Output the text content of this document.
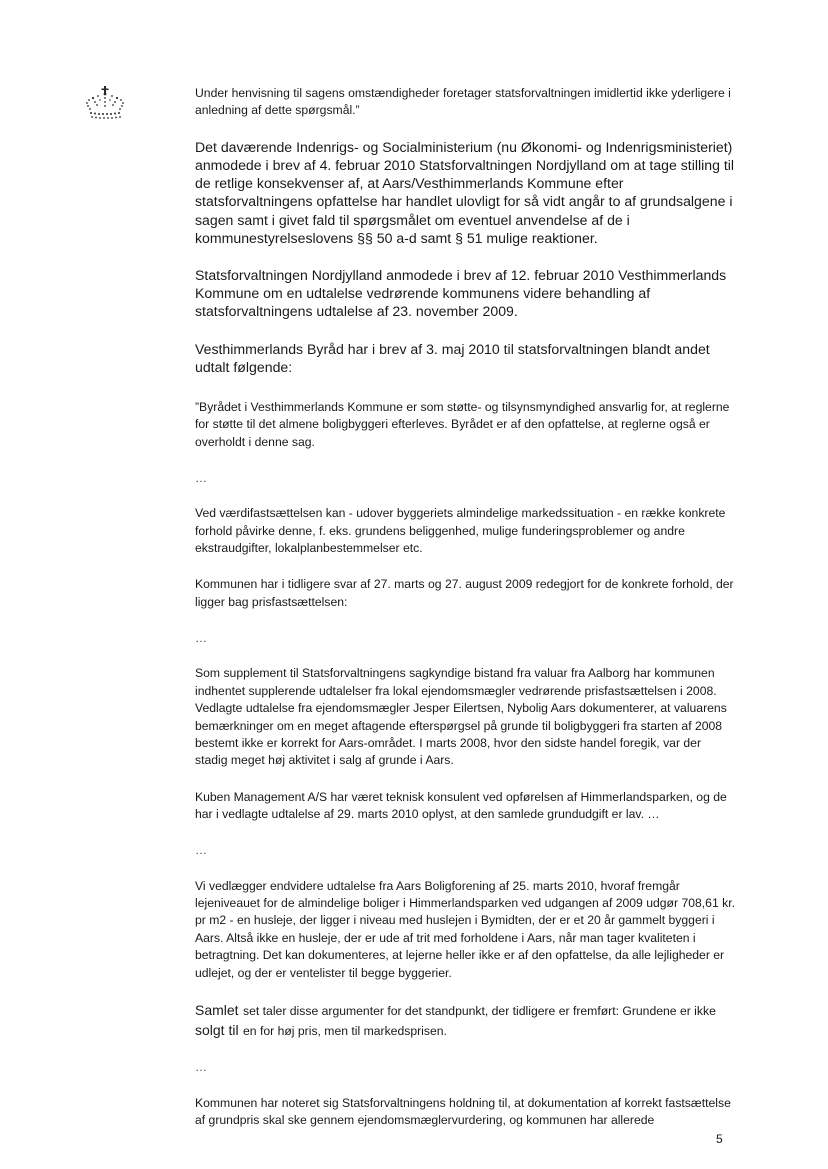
Under henvisning til sagens omstændigheder foretager statsforvaltningen imidlertid ikke yderligere i anledning af dette spørgsmål.”

Det daværende Indenrigs- og Socialministerium (nu Økonomi- og Indenrigsministeriet) anmodede i brev af 4. februar 2010 Statsforvaltningen Nordjylland om at tage stilling til de retlige konsekvenser af, at Aars/Vesthimmerlands Kommune efter statsforvaltningens opfattelse har handlet ulovligt for så vidt angår to af grundsalgene i sagen samt i givet fald til spørgsmålet om eventuel anvendelse af de i kommunestyrelseslovens §§ 50 a-d samt § 51 mulige reaktioner.

Statsforvaltningen Nordjylland anmodede i brev af 12. februar 2010 Vesthimmerlands Kommune om en udtalelse vedrørende kommunens videre behandling af statsforvaltningens udtalelse af 23. november 2009.

Vesthimmerlands Byråd har i brev af 3. maj 2010 til statsforvaltningen blandt andet udtalt følgende:

”Byrådet i Vesthimmerlands Kommune er som støtte- og tilsynsmyndighed ansvarlig for, at reglerne for støtte til det almene boligbyggeri efterleves. Byrådet er af den opfattelse, at reglerne også er overholdt i denne sag.

…

Ved værdifastsættelsen kan - udover byggeriets almindelige markedssituation - en række konkrete forhold påvirke denne, f. eks. grundens beliggenhed, mulige funderingsproblemer og andre ekstraudgifter, lokalplanbestemmelser etc.

Kommunen har i tidligere svar af 27. marts og 27. august 2009 redegjort for de konkrete forhold, der ligger bag prisfastsættelsen:

…

Som supplement til Statsforvaltningens sagkyndige bistand fra valuar fra Aalborg har kommunen indhentet supplerende udtalelser fra lokal ejendomsmægler vedrørende prisfastsættelsen i 2008. Vedlagte udtalelse fra ejendomsmægler Jesper Eilertsen, Nybolig Aars dokumenterer, at valuarens bemærkninger om en meget aftagende efterspørgsel på grunde til boligbyggeri fra starten af 2008 bestemt ikke er korrekt for Aars-området. I marts 2008, hvor den sidste handel foregik, var der stadig meget høj aktivitet i salg af grunde i Aars.

Kuben Management A/S har været teknisk konsulent ved opførelsen af Himmerlandsparken, og de har i vedlagte udtalelse af 29. marts 2010 oplyst, at den samlede grundudgift er lav. …

…

Vi vedlægger endvidere udtalelse fra Aars Boligforening af 25. marts 2010, hvoraf fremgår lejeniveauet for de almindelige boliger i Himmerlandsparken ved udgangen af 2009 udgør 708,61 kr. pr m2 - en husleje, der ligger i niveau med huslejen i Bymidten, der er et 20 år gammelt byggeri i Aars. Altså ikke en husleje, der er ude af trit med forholdene i Aars, når man tager kvaliteten i betragtning. Det kan dokumenteres, at lejerne heller ikke er af den opfattelse, da alle lejligheder er udlejet, og der er ventelister til begge byggerier.

Samlet set taler disse argumenter for det standpunkt, der tidligere er fremført: Grundene er ikke solgt til en for høj pris, men til markedsprisen.

…

Kommunen har noteret sig Statsforvaltningens holdning til, at dokumentation af korrekt fastsættelse af grundpris skal ske gennem ejendomsmæglervurdering, og kommunen har allerede

5
